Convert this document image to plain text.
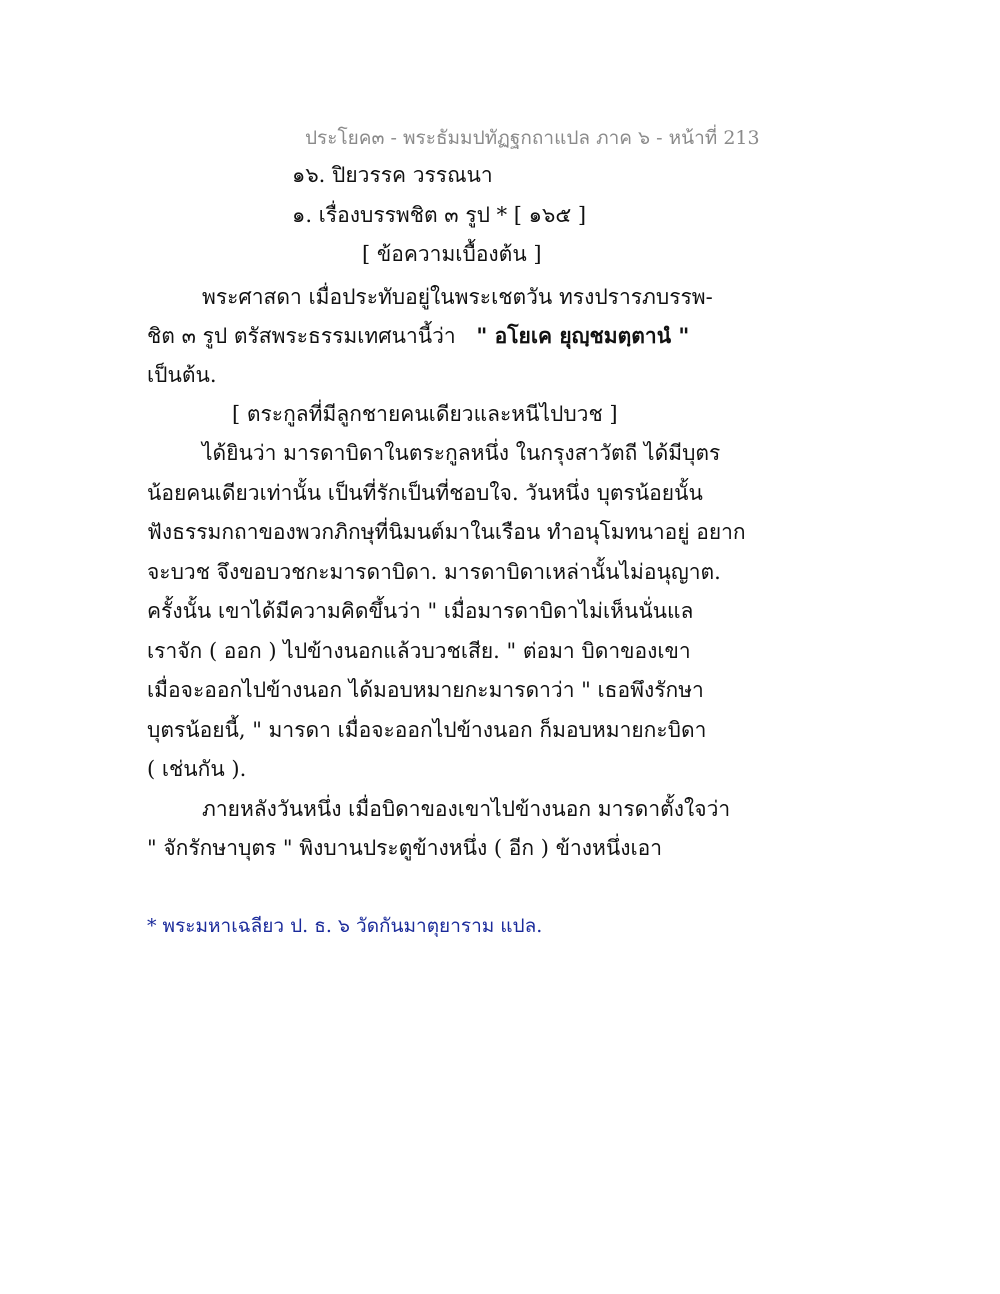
ประโยค๓ - พระธัมมปทัฏฐกถาแปล ภาค ๖ - หน้าที่ 213
๑๖. ปิยวรรค วรรณนา
๑. เรื่องบรรพชิต ๓ รูป * [ ๑๖๕ ]
[ ข้อความเบื้องต้น ]
พระศาสดา เมื่อประทับอยู่ในพระเชตวัน ทรงปรารภบรรพ-
ชิต ๓ รูป ตรัสพระธรรมเทศนานี้ว่า " อโยเค ยุญฺชมตฺตานํ "
เป็นต้น.
[ ตระกูลที่มีลูกชายคนเดียวและหนีไปบวช ]
ได้ยินว่า มารดาบิดาในตระกูลหนึ่ง ในกรุงสาวัตถี ได้มีบุตร
น้อยคนเดียวเท่านั้น เป็นที่รักเป็นที่ชอบใจ. วันหนึ่ง บุตรน้อยนั้น
ฟังธรรมกถาของพวกภิกษุที่นิมนต์มาในเรือน ทำอนุโมทนาอยู่ อยาก
จะบวช จึงขอบวชกะมารดาบิดา. มารดาบิดาเหล่านั้นไม่อนุญาต.
ครั้งนั้น เขาได้มีความคิดขึ้นว่า " เมื่อมารดาบิดาไม่เห็นนั่นแล
เราจัก ( ออก ) ไปข้างนอกแล้วบวชเสีย. " ต่อมา บิดาของเขา
เมื่อจะออกไปข้างนอก ได้มอบหมายกะมารดาว่า " เธอพึงรักษา
บุตรน้อยนี้, " มารดา เมื่อจะออกไปข้างนอก ก็มอบหมายกะบิดา
( เช่นกัน ).
ภายหลังวันหนึ่ง เมื่อบิดาของเขาไปข้างนอก มารดาตั้งใจว่า
" จักรักษาบุตร " พิงบานประตูข้างหนึ่ง ( อีก ) ข้างหนึ่งเอา
* พระมหาเฉลียว ป. ธ. ๖ วัดกันมาตุยาราม แปล.
